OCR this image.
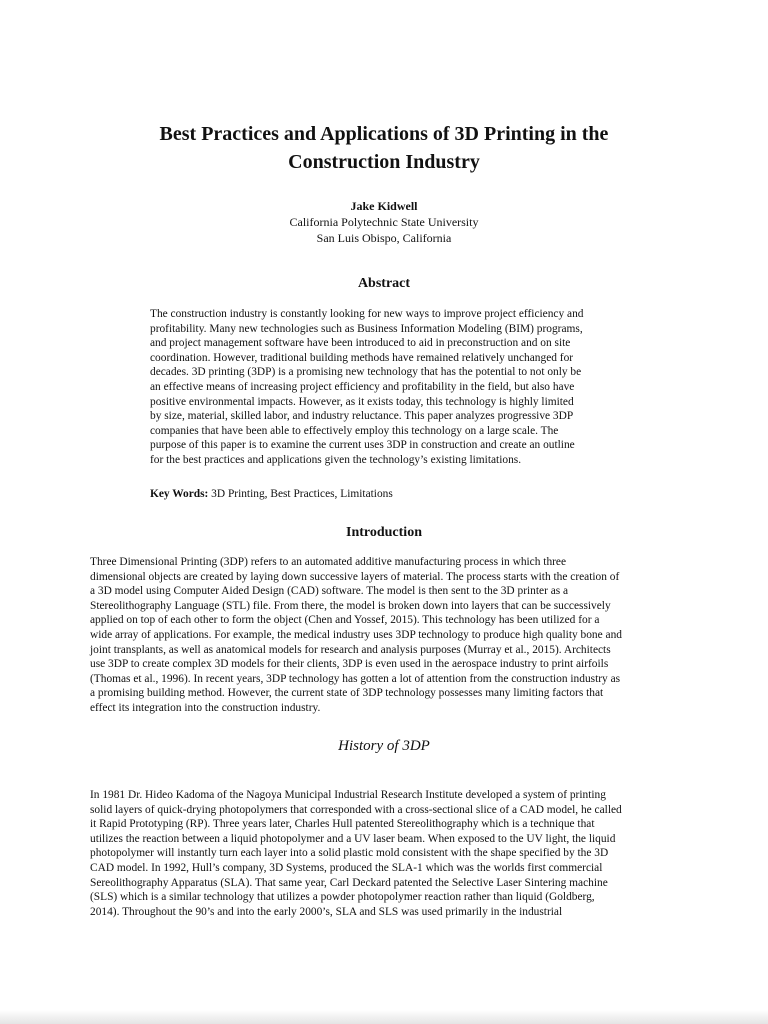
Best Practices and Applications of 3D Printing in the
Construction Industry
Jake Kidwell
California Polytechnic State University
San Luis Obispo, California
Abstract
The construction industry is constantly looking for new ways to improve project efficiency and
profitability. Many new technologies such as Business Information Modeling (BIM) programs,
and project management software have been introduced to aid in preconstruction and on site
coordination. However, traditional building methods have remained relatively unchanged for
decades. 3D printing (3DP) is a promising new technology that has the potential to not only be
an effective means of increasing project efficiency and profitability in the field, but also have
positive environmental impacts. However, as it exists today, this technology is highly limited
by size, material, skilled labor, and industry reluctance. This paper analyzes progressive 3DP
companies that have been able to effectively employ this technology on a large scale. The
purpose of this paper is to examine the current uses 3DP in construction and create an outline
for the best practices and applications given the technology’s existing limitations.
Key Words: 3D Printing, Best Practices, Limitations
Introduction
Three Dimensional Printing (3DP) refers to an automated additive manufacturing process in which three
dimensional objects are created by laying down successive layers of material. The process starts with the creation of
a 3D model using Computer Aided Design (CAD) software. The model is then sent to the 3D printer as a
Stereolithography Language (STL) file. From there, the model is broken down into layers that can be successively
applied on top of each other to form the object (Chen and Yossef, 2015). This technology has been utilized for a
wide array of applications. For example, the medical industry uses 3DP technology to produce high quality bone and
joint transplants, as well as anatomical models for research and analysis purposes (Murray et al., 2015). Architects
use 3DP to create complex 3D models for their clients, 3DP is even used in the aerospace industry to print airfoils
(Thomas et al., 1996). In recent years, 3DP technology has gotten a lot of attention from the construction industry as
a promising building method. However, the current state of 3DP technology possesses many limiting factors that
effect its integration into the construction industry.
History of 3DP
In 1981 Dr. Hideo Kadoma of the Nagoya Municipal Industrial Research Institute developed a system of printing
solid layers of quick-drying photopolymers that corresponded with a cross-sectional slice of a CAD model, he called
it Rapid Prototyping (RP). Three years later, Charles Hull patented Stereolithography which is a technique that
utilizes the reaction between a liquid photopolymer and a UV laser beam. When exposed to the UV light, the liquid
photopolymer will instantly turn each layer into a solid plastic mold consistent with the shape specified by the 3D
CAD model. In 1992, Hull’s company, 3D Systems, produced the SLA-1 which was the worlds first commercial
Sereolithography Apparatus (SLA). That same year, Carl Deckard patented the Selective Laser Sintering machine
(SLS) which is a similar technology that utilizes a powder photopolymer reaction rather than liquid (Goldberg,
2014). Throughout the 90’s and into the early 2000’s, SLA and SLS was used primarily in the industrial
